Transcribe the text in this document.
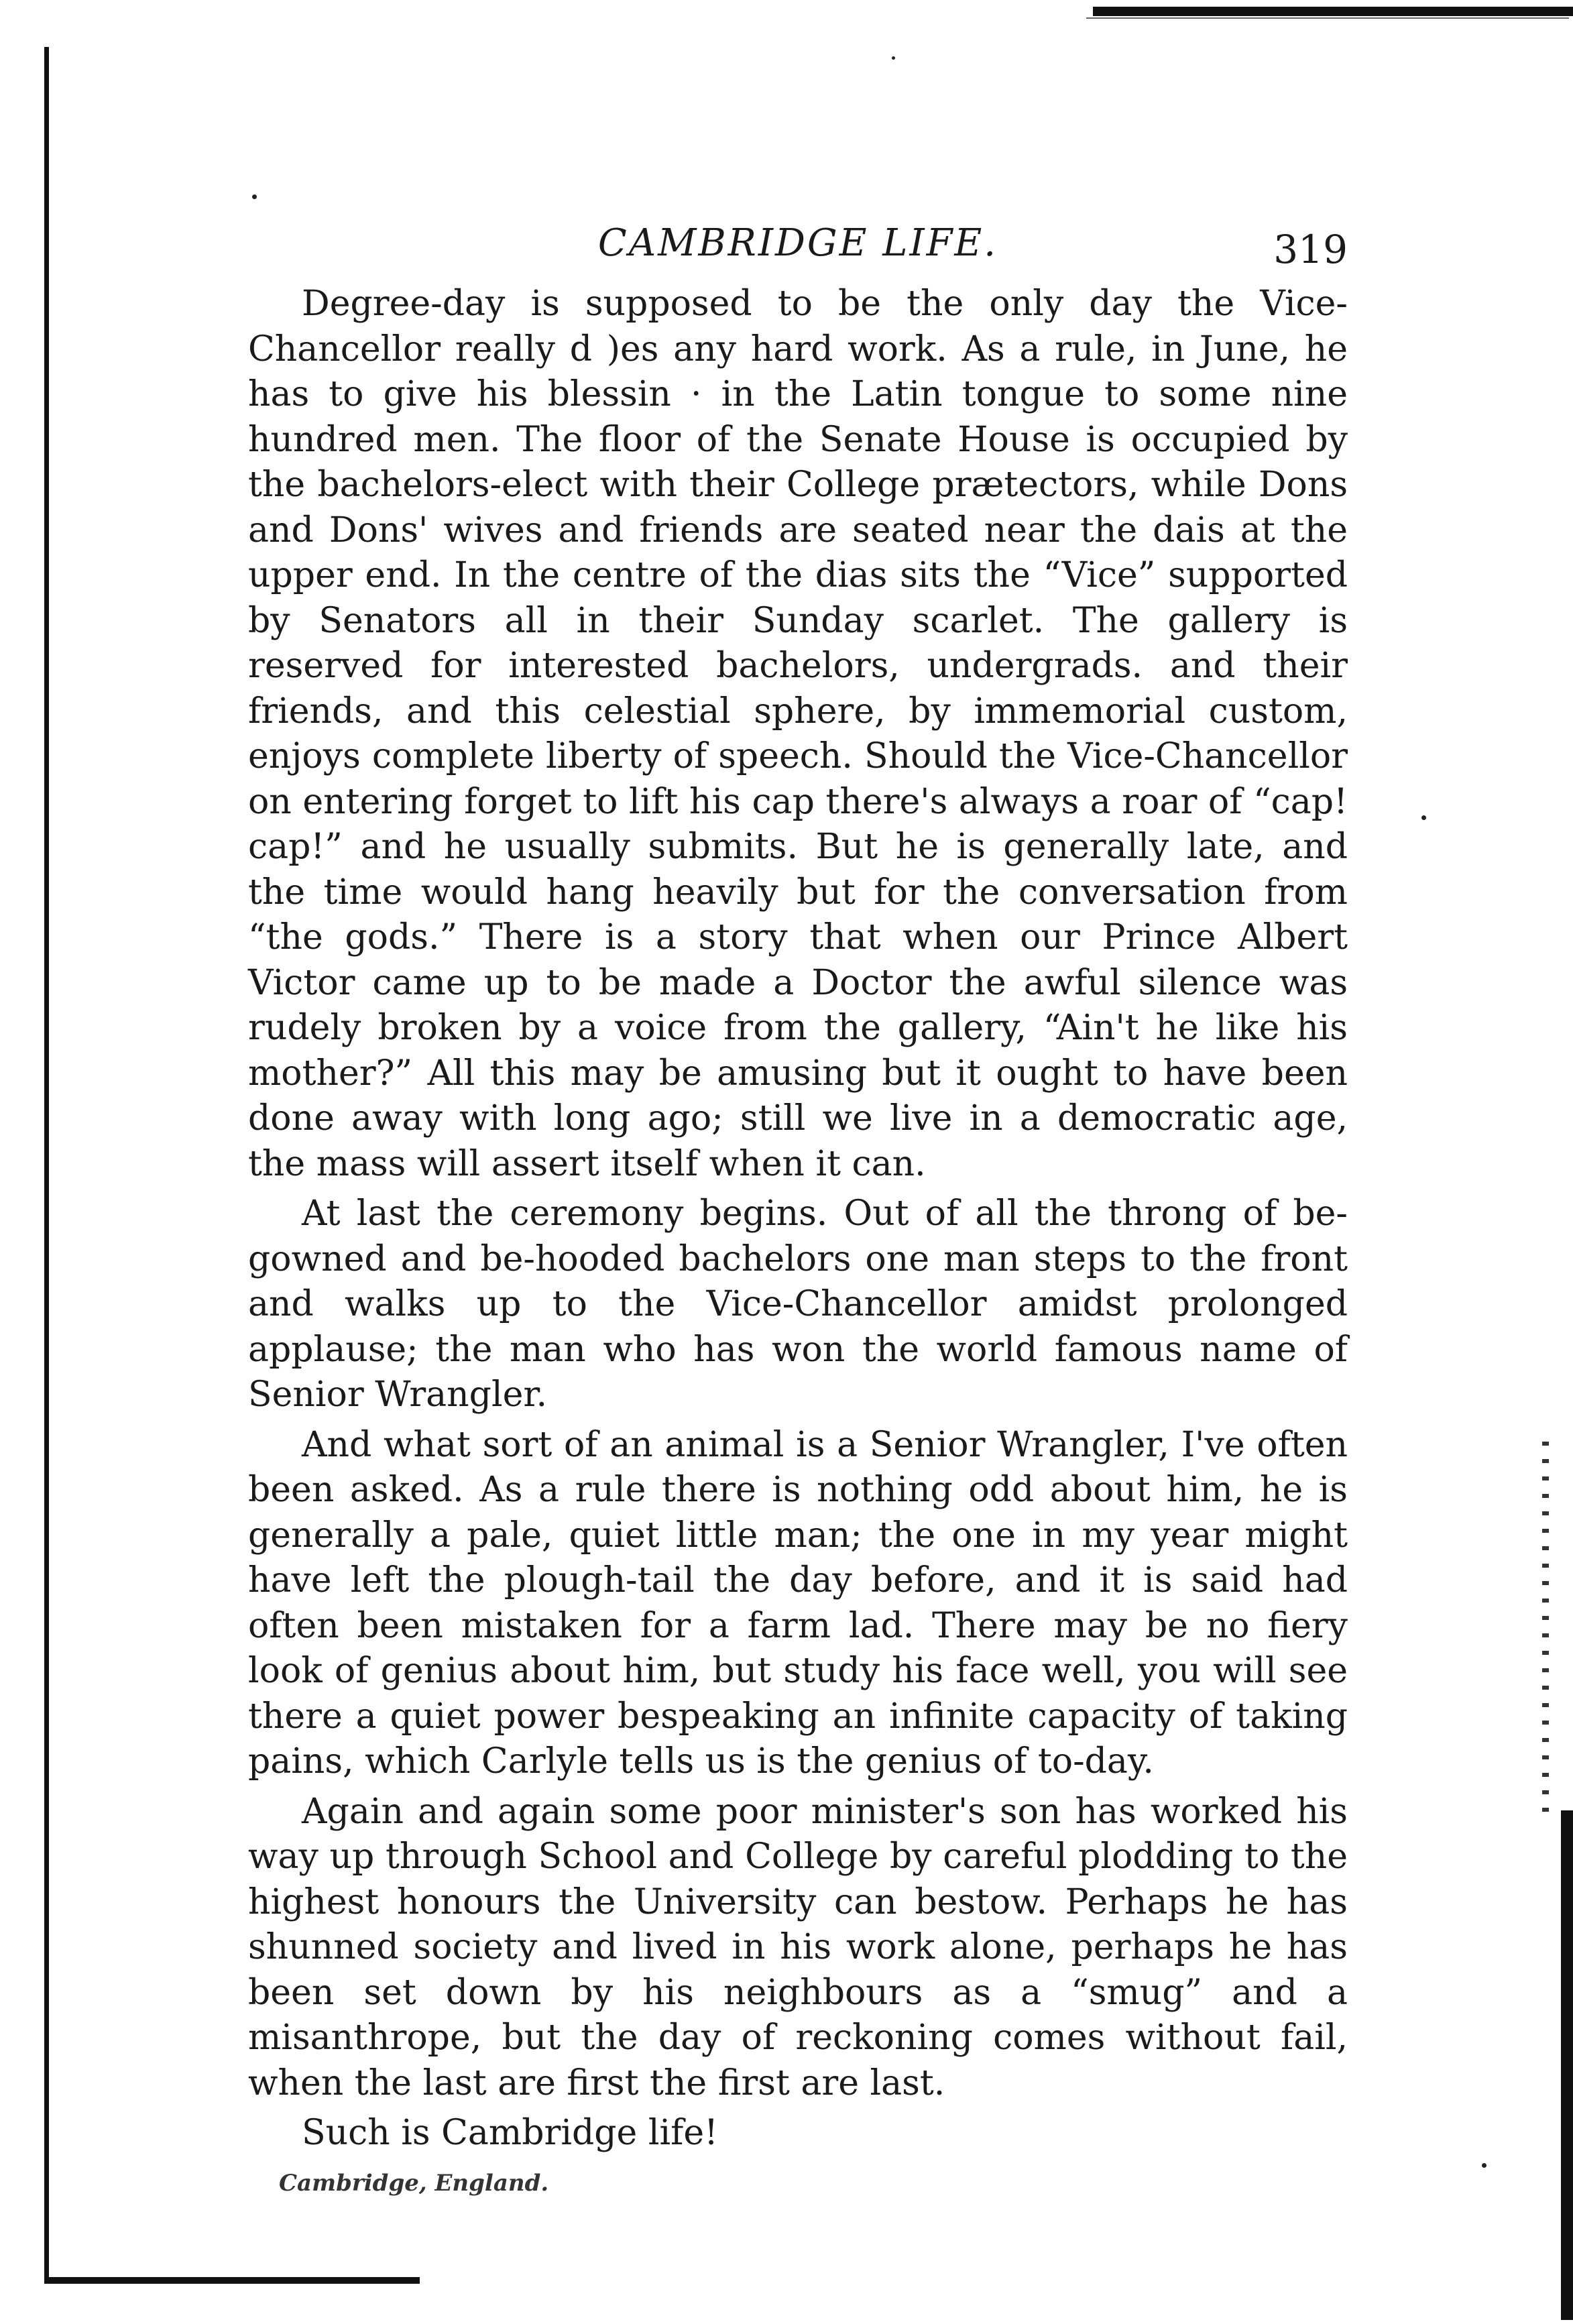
CAMBRIDGE LIFE.	319

Degree-day is supposed to be the only day the Vice-Chancellor really d )es any hard work. As a rule, in June, he has to give his blessin · in the Latin tongue to some nine hundred men. The floor of the Senate House is occupied by the bachelors-elect with their College prætectors, while Dons and Dons' wives and friends are seated near the dais at the upper end. In the centre of the dias sits the “Vice” supported by Senators all in their Sunday scarlet. The gallery is reserved for interested bachelors, undergrads. and their friends, and this celestial sphere, by immemorial custom, enjoys complete liberty of speech. Should the Vice-Chancellor on entering forget to lift his cap there's always a roar of “cap! cap!” and he usually submits. But he is generally late, and the time would hang heavily but for the conversation from “the gods.” There is a story that when our Prince Albert Victor came up to be made a Doctor the awful silence was rudely broken by a voice from the gallery, “Ain't he like his mother?” All this may be amusing but it ought to have been done away with long ago; still we live in a democratic age, the mass will assert itself when it can.

At last the ceremony begins. Out of all the throng of be-gowned and be-hooded bachelors one man steps to the front and walks up to the Vice-Chancellor amidst prolonged applause; the man who has won the world famous name of Senior Wrangler.

And what sort of an animal is a Senior Wrangler, I've often been asked. As a rule there is nothing odd about him, he is generally a pale, quiet little man; the one in my year might have left the plough-tail the day before, and it is said had often been mistaken for a farm lad. There may be no fiery look of genius about him, but study his face well, you will see there a quiet power bespeaking an infinite capacity of taking pains, which Carlyle tells us is the genius of to-day.

Again and again some poor minister's son has worked his way up through School and College by careful plodding to the highest honours the University can bestow. Perhaps he has shunned society and lived in his work alone, perhaps he has been set down by his neighbours as a “smug” and a misanthrope, but the day of reckoning comes without fail, when the last are first the first are last.

Such is Cambridge life!

Cambridge, England.
